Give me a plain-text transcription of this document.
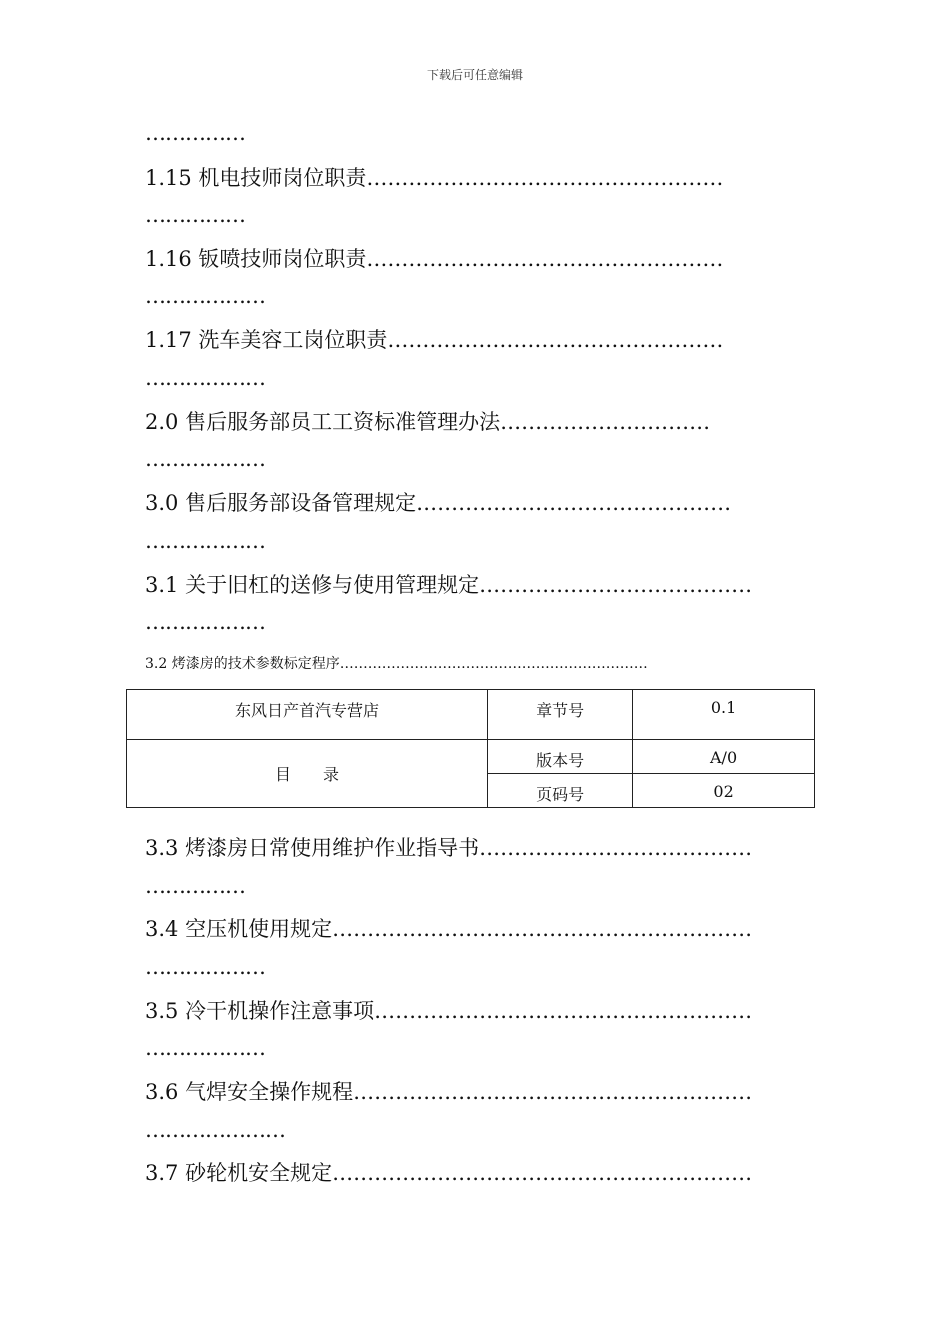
下载后可任意编辑
……………
1.15 机电技师岗位职责……………………………………………
……………
1.16 钣喷技师岗位职责……………………………………………
………………
1.17 洗车美容工岗位职责…………………………………………
………………
2.0 售后服务部员工工资标准管理办法…………………………
………………
3.0 售后服务部设备管理规定………………………………………
………………
3.1 关于旧杠的送修与使用管理规定…………………………………
………………
3.2 烤漆房的技术参数标定程序…………………………………………………………
东风日产首汽专营店	章节号	0.1
目　　录	版本号	A/0
	页码号	02
3.3 烤漆房日常使用维护作业指导书…………………………………
……………
3.4 空压机使用规定……………………………………………………
………………
3.5 冷干机操作注意事项………………………………………………
………………
3.6 气焊安全操作规程…………………………………………………
…………………
3.7 砂轮机安全规定……………………………………………………
